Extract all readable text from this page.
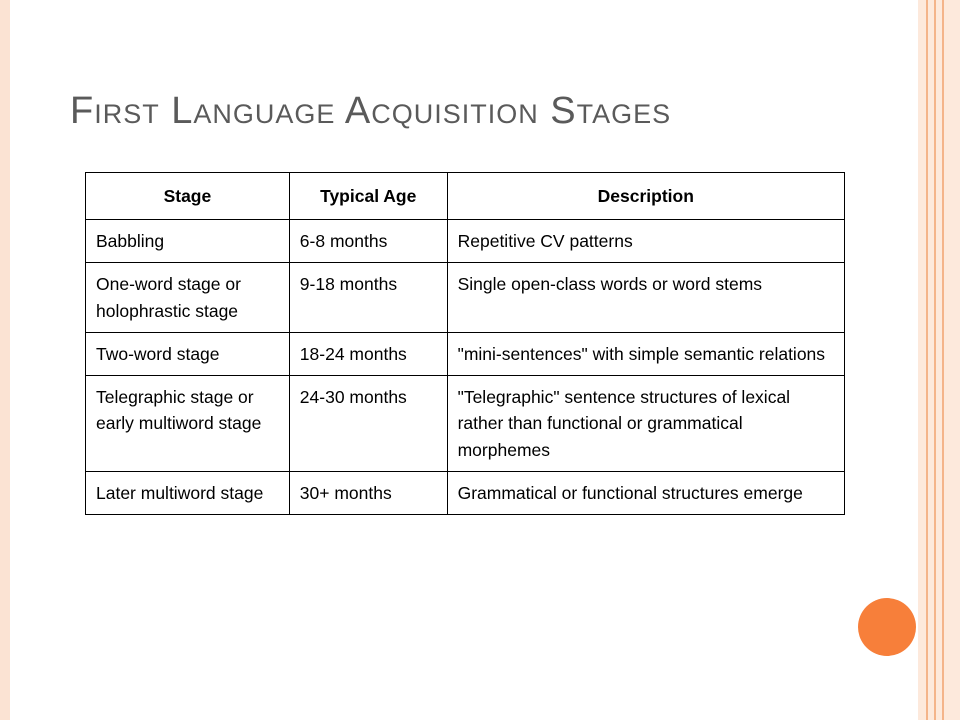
First Language Acquisition Stages
Stage	Typical Age	Description
Babbling	6-8 months	Repetitive CV patterns
One-word stage or holophrastic stage	9-18 months	Single open-class words or word stems
Two-word stage	18-24 months	"mini-sentences" with simple semantic relations
Telegraphic stage or early multiword stage	24-30 months	"Telegraphic" sentence structures of lexical rather than functional or grammatical morphemes
Later multiword stage	30+ months	Grammatical or functional structures emerge
